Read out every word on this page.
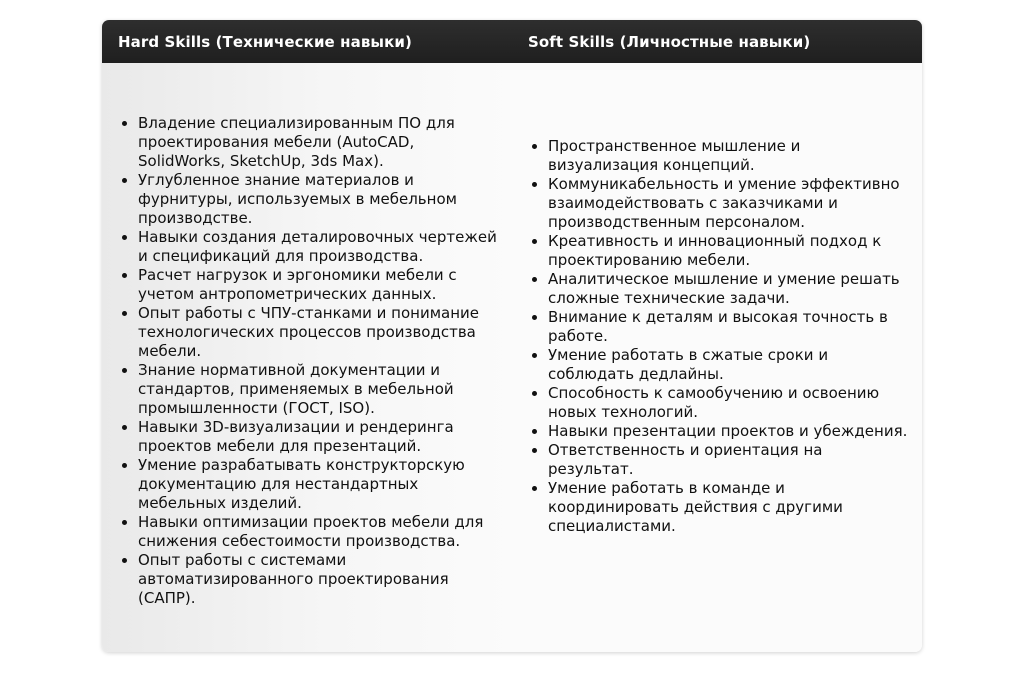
Hard Skills (Технические навыки)	Soft Skills (Личностные навыки)
• Владение специализированным ПО для проектирования мебели (AutoCAD, SolidWorks, SketchUp, 3ds Max).
• Углубленное знание материалов и фурнитуры, используемых в мебельном производстве.
• Навыки создания деталировочных чертежей и спецификаций для производства.
• Расчет нагрузок и эргономики мебели с учетом антропометрических данных.
• Опыт работы с ЧПУ-станками и понимание технологических процессов производства мебели.
• Знание нормативной документации и стандартов, применяемых в мебельной промышленности (ГОСТ, ISO).
• Навыки 3D-визуализации и рендеринга проектов мебели для презентаций.
• Умение разрабатывать конструкторскую документацию для нестандартных мебельных изделий.
• Навыки оптимизации проектов мебели для снижения себестоимости производства.
• Опыт работы с системами автоматизированного проектирования (САПР).
• Пространственное мышление и визуализация концепций.
• Коммуникабельность и умение эффективно взаимодействовать с заказчиками и производственным персоналом.
• Креативность и инновационный подход к проектированию мебели.
• Аналитическое мышление и умение решать сложные технические задачи.
• Внимание к деталям и высокая точность в работе.
• Умение работать в сжатые сроки и соблюдать дедлайны.
• Способность к самообучению и освоению новых технологий.
• Навыки презентации проектов и убеждения.
• Ответственность и ориентация на результат.
• Умение работать в команде и координировать действия с другими специалистами.
